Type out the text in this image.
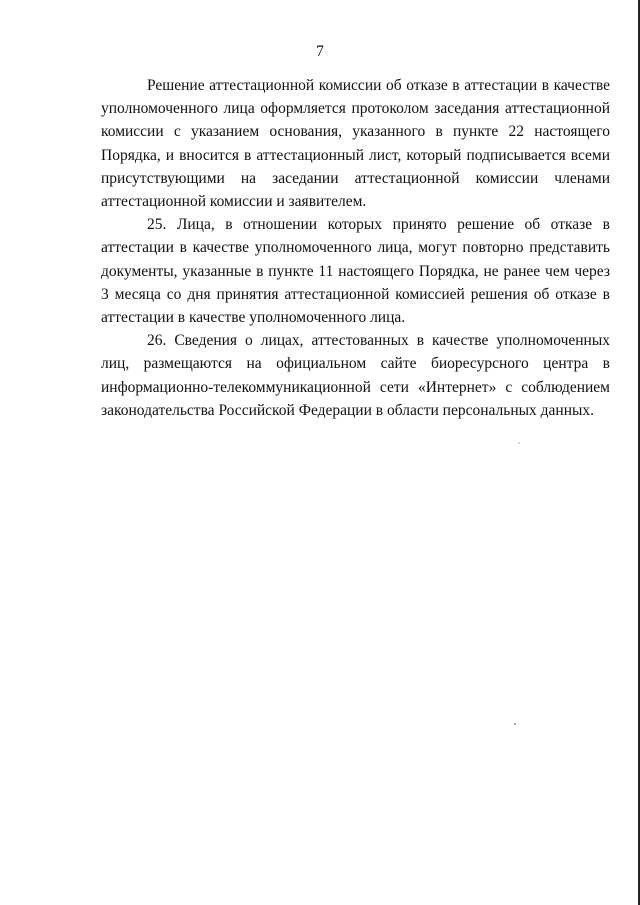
7

Решение аттестационной комиссии об отказе в аттестации в качестве уполномоченного лица оформляется протоколом заседания аттестационной комиссии с указанием основания, указанного в пункте 22 настоящего Порядка, и вносится в аттестационный лист, который подписывается всеми присутствующими на заседании аттестационной комиссии членами аттестационной комиссии и заявителем.

25. Лица, в отношении которых принято решение об отказе в аттестации в качестве уполномоченного лица, могут повторно представить документы, указанные в пункте 11 настоящего Порядка, не ранее чем через 3 месяца со дня принятия аттестационной комиссией решения об отказе в аттестации в качестве уполномоченного лица.

26. Сведения о лицах, аттестованных в качестве уполномоченных лиц, размещаются на официальном сайте биоресурсного центра в информационно-телекоммуникационной сети «Интернет» с соблюдением законодательства Российской Федерации в области персональных данных.
